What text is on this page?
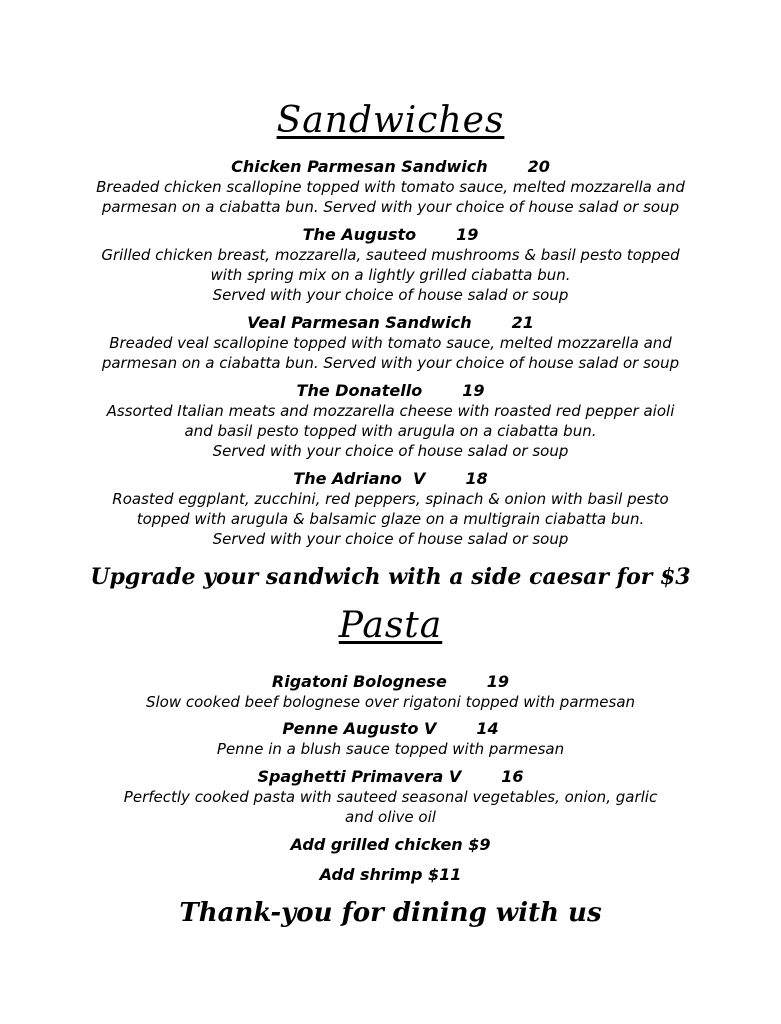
Sandwiches
Chicken Parmesan Sandwich	20
Breaded chicken scallopine topped with tomato sauce, melted mozzarella and
parmesan on a ciabatta bun. Served with your choice of house salad or soup
The Augusto	19
Grilled chicken breast, mozzarella, sauteed mushrooms & basil pesto topped
with spring mix on a lightly grilled ciabatta bun.
Served with your choice of house salad or soup
Veal Parmesan Sandwich	21
Breaded veal scallopine topped with tomato sauce, melted mozzarella and
parmesan on a ciabatta bun. Served with your choice of house salad or soup
The Donatello	19
Assorted Italian meats and mozzarella cheese with roasted red pepper aioli
and basil pesto topped with arugula on a ciabatta bun.
Served with your choice of house salad or soup
The Adriano  V	18
Roasted eggplant, zucchini, red peppers, spinach & onion with basil pesto
topped with arugula & balsamic glaze on a multigrain ciabatta bun.
Served with your choice of house salad or soup

Upgrade your sandwich with a side caesar for $3

Pasta
Rigatoni Bolognese	19
Slow cooked beef bolognese over rigatoni topped with parmesan
Penne Augusto V	14
Penne in a blush sauce topped with parmesan
Spaghetti Primavera V	16
Perfectly cooked pasta with sauteed seasonal vegetables, onion, garlic
and olive oil
Add grilled chicken $9
Add shrimp $11

Thank-you for dining with us
